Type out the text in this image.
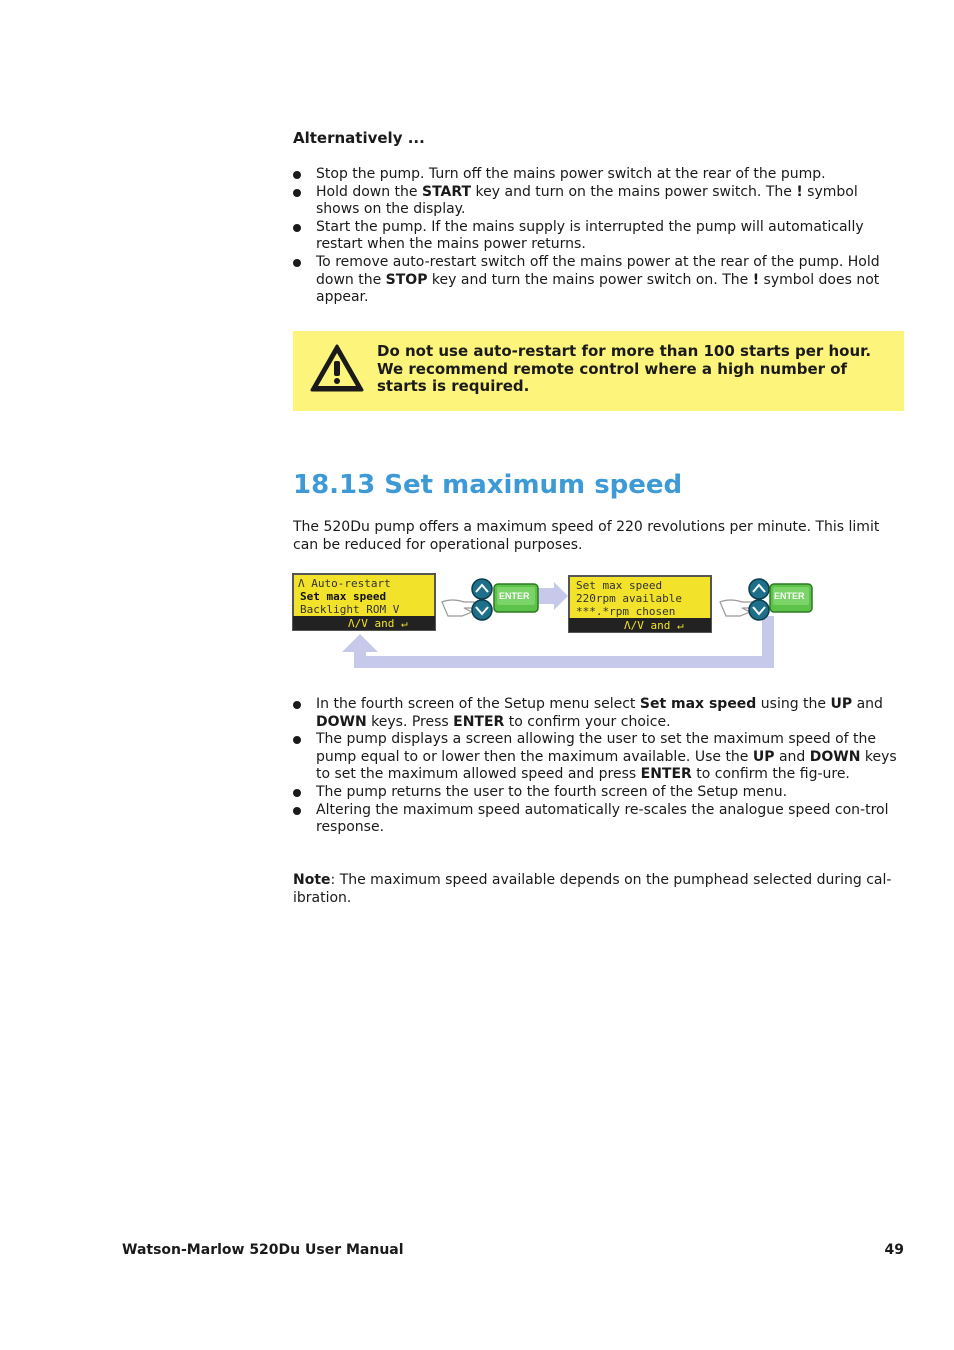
Alternatively ...

Stop the pump. Turn off the mains power switch at the rear of the pump.
Hold down the START key and turn on the mains power switch. The ! symbol shows on the display.
Start the pump. If the mains supply is interrupted the pump will automatically restart when the mains power returns.
To remove auto-restart switch off the mains power at the rear of the pump. Hold down the STOP key and turn the mains power switch on. The ! symbol does not appear.
Do not use auto-restart for more than 100 starts per hour. We recommend remote control where a high number of starts is required.
18.13 Set maximum speed

The 520Du pump offers a maximum speed of 220 revolutions per minute. This limit can be reduced for operational purposes.

Λ Auto-restart
Set max speed
Backlight ROM V
Λ/V and ↵
ENTER
Set max speed
220rpm available
***.*rpm chosen
Λ/V and ↵
ENTER
In the fourth screen of the Setup menu select Set max speed using the UP and DOWN keys. Press ENTER to confirm your choice.
The pump displays a screen allowing the user to set the maximum speed of the pump equal to or lower then the maximum available. Use the UP and DOWN keys to set the maximum allowed speed and press ENTER to confirm the fig-ure.
The pump returns the user to the fourth screen of the Setup menu.
Altering the maximum speed automatically re-scales the analogue speed con-trol response.

Note: The maximum speed available depends on the pumphead selected during cal-ibration.

Watson-Marlow 520Du User Manual	49
